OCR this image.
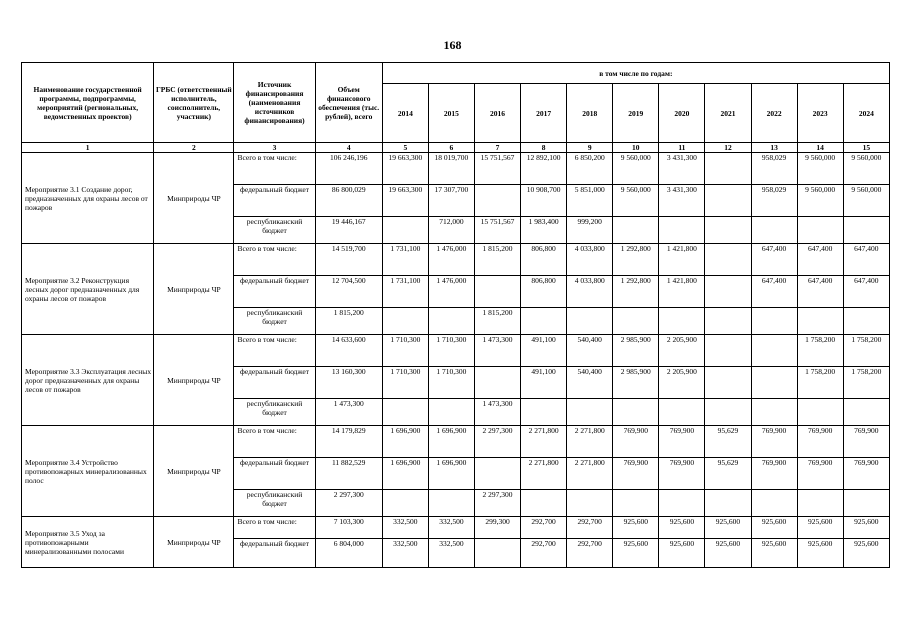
168
Наименование государственной программы, подпрограммы, мероприятий (региональных, ведомственных проектов)	ГРБС (ответственный исполнитель, соисполнитель, участник)	Источник финансирования (наименования источников финансирования)	Объем финансового обеспечения (тыс. рублей), всего	в том числе по годам:										
				2014	2015	2016	2017	2018	2019	2020	2021	2022	2023	2024
1	2	3	4	5	6	7	8	9	10	11	12	13	14	15
Мероприятие 3.1 Создание дорог, предназначенных для охраны лесов от пожаров	Минприроды ЧР	Всего в том числе:	106 246,196	19 663,300	18 019,700	15 751,567	12 892,100	6 850,200	9 560,000	3 431,300		958,029	9 560,000	9 560,000
		федеральный бюджет	86 800,029	19 663,300	17 307,700		10 908,700	5 851,000	9 560,000	3 431,300		958,029	9 560,000	9 560,000
		республиканский бюджет	19 446,167		712,000	15 751,567	1 983,400	999,200						
Мероприятие 3.2 Реконструкция лесных дорог предназначенных для охраны лесов от пожаров	Минприроды ЧР	Всего в том числе:	14 519,700	1 731,100	1 476,000	1 815,200	806,800	4 033,800	1 292,800	1 421,800		647,400	647,400	647,400
		федеральный бюджет	12 704,500	1 731,100	1 476,000		806,800	4 033,800	1 292,800	1 421,800		647,400	647,400	647,400
		республиканский бюджет	1 815,200			1 815,200								
Мероприятие 3.3 Эксплуатация лесных дорог предназначенных для охраны лесов от пожаров	Минприроды ЧР	Всего в том числе:	14 633,600	1 710,300	1 710,300	1 473,300	491,100	540,400	2 985,900	2 205,900			1 758,200	1 758,200
		федеральный бюджет	13 160,300	1 710,300	1 710,300		491,100	540,400	2 985,900	2 205,900			1 758,200	1 758,200
		республиканский бюджет	1 473,300			1 473,300								
Мероприятие 3.4 Устройство противопожарных минерализованных полос	Минприроды ЧР	Всего в том числе:	14 179,829	1 696,900	1 696,900	2 297,300	2 271,800	2 271,800	769,900	769,900	95,629	769,900	769,900	769,900
		федеральный бюджет	11 882,529	1 696,900	1 696,900		2 271,800	2 271,800	769,900	769,900	95,629	769,900	769,900	769,900
		республиканский бюджет	2 297,300			2 297,300								
Мероприятие 3.5 Уход за противопожарными минерализованными полосами	Минприроды ЧР	Всего в том числе:	7 103,300	332,500	332,500	299,300	292,700	292,700	925,600	925,600	925,600	925,600	925,600	925,600
		федеральный бюджет	6 804,000	332,500	332,500		292,700	292,700	925,600	925,600	925,600	925,600	925,600	925,600
